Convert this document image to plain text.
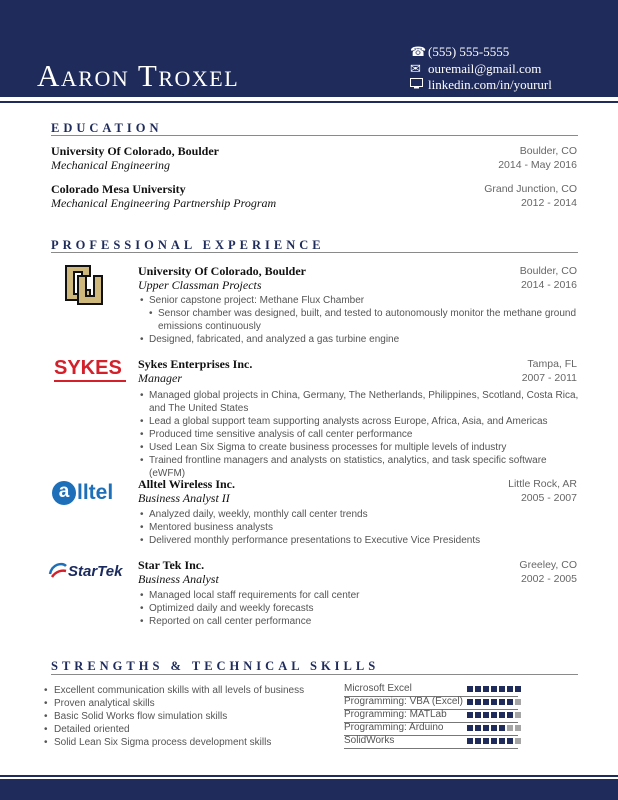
Aaron Troxel
☎ (555) 555-5555
✉ ouremail@gmail.com
linkedin.com/in/yoururl
EDUCATION
University Of Colorado, Boulder
Mechanical Engineering
Boulder, CO
2014 - May 2016
Colorado Mesa University
Mechanical Engineering Partnership Program
Grand Junction, CO
2012 - 2014
PROFESSIONAL EXPERIENCE
University Of Colorado, Boulder
Upper Classman Projects
Boulder, CO
2014 - 2016
• Senior capstone project: Methane Flux Chamber
• Sensor chamber was designed, built, and tested to autonomously monitor the methane ground
emissions continuously
• Designed, fabricated, and analyzed a gas turbine engine
SYKES	Sykes Enterprises Inc.
Manager
Tampa, FL
2007 - 2011
• Managed global projects in China, Germany, The Netherlands, Philippines, Scotland, Costa Rica,
and The United States
• Lead a global support team supporting analysts across Europe, Africa, Asia, and Americas
• Produced time sensitive analysis of call center performance
• Used Lean Six Sigma to create business processes for multiple levels of industry
• Trained frontline managers and analysts on statistics, analytics, and task specific software (eWFM)
a lltel Alltel Wireless Inc.
Business Analyst II
Little Rock, AR
2005 - 2007
• Analyzed daily, weekly, monthly call center trends
• Mentored business analysts
• Delivered monthly performance presentations to Executive Vice Presidents
StarTek Star Tek Inc.
Business Analyst
Greeley, CO
2002 - 2005
• Managed local staff requirements for call center
• Optimized daily and weekly forecasts
• Reported on call center performance
STRENGTHS & TECHNICAL SKILLS
• Excellent communication skills with all levels of business
• Proven analytical skills
• Basic Solid Works flow simulation skills
• Detailed oriented
• Solid Lean Six Sigma process development skills
Microsoft Excel
Programming: VBA (Excel)
Programming: MATLab
Programming: Arduino
SolidWorks
